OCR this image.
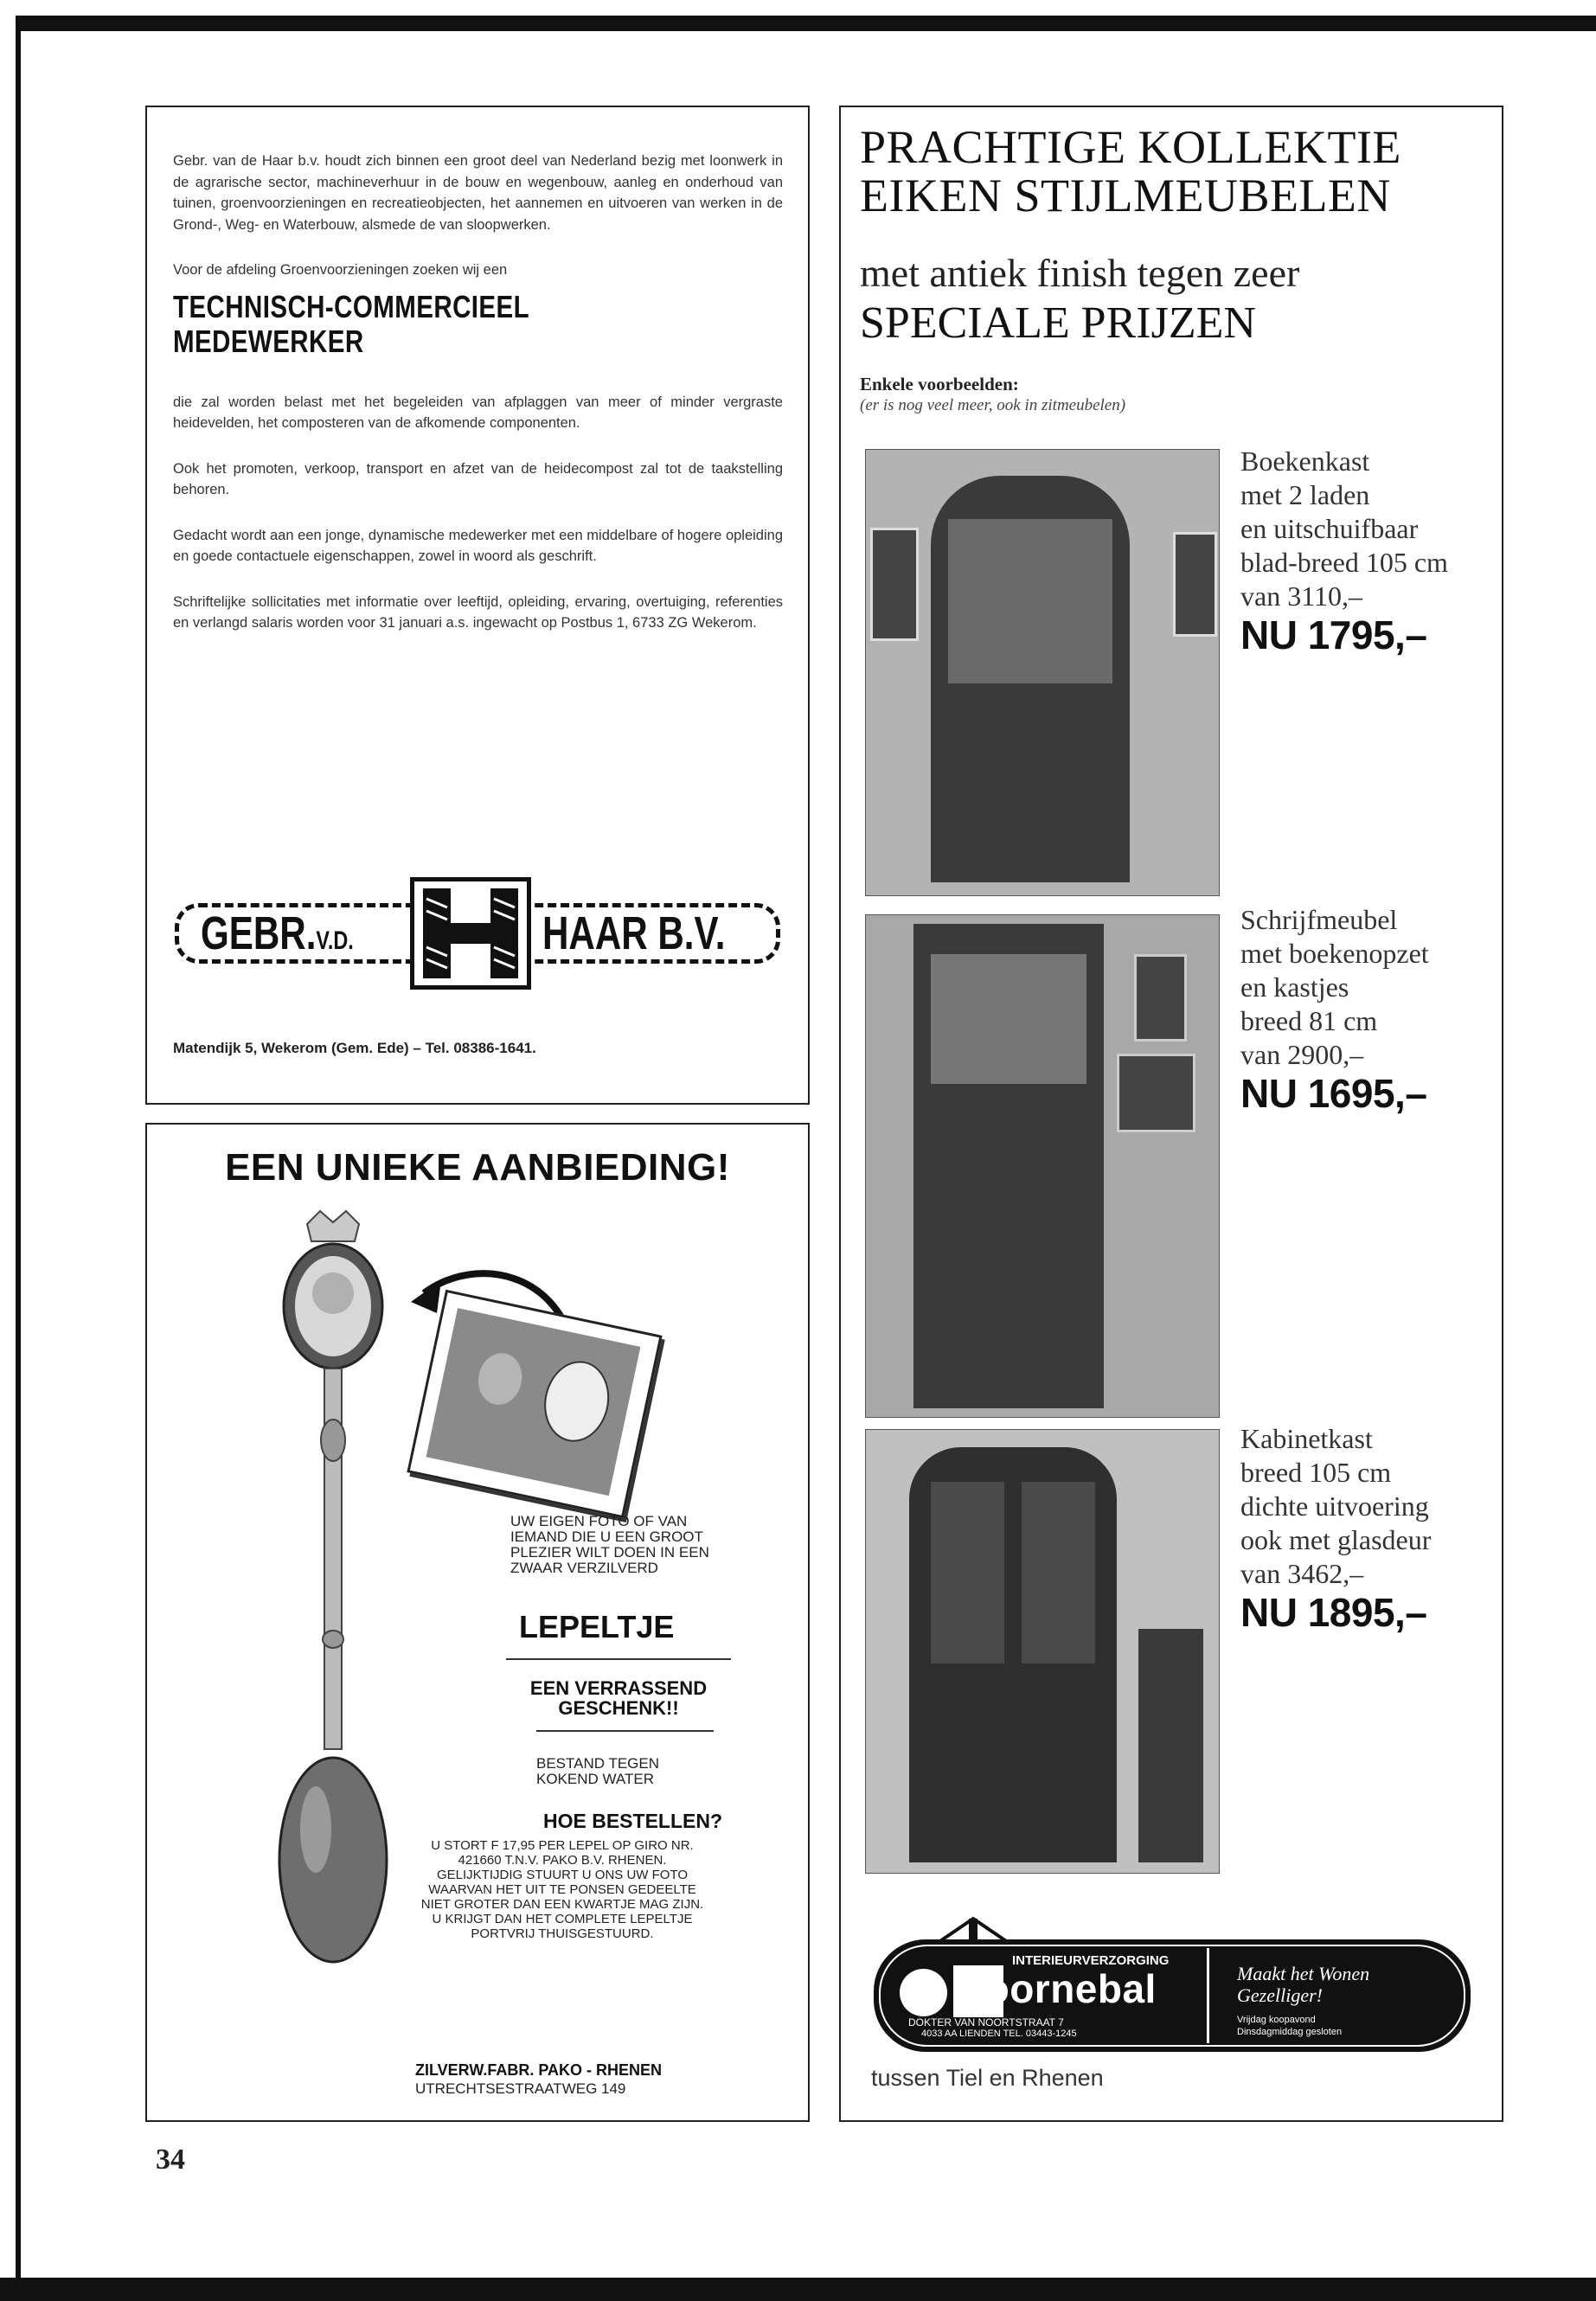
Gebr. van de Haar b.v. houdt zich binnen een groot deel van Nederland bezig met loonwerk in de agrarische sector, machineverhuur in de bouw en wegenbouw, aanleg en onderhoud van tuinen, groenvoorzieningen en recreatieobjecten, het aannemen en uitvoeren van werken in de Grond-, Weg- en Waterbouw, alsmede de van sloopwerken.

Voor de afdeling Groenvoorzieningen zoeken wij een

TECHNISCH-COMMERCIEEL
MEDEWERKER

die zal worden belast met het begeleiden van afplaggen van meer of minder vergraste heidevelden, het composteren van de afkomende componenten.

Ook het promoten, verkoop, transport en afzet van de heidecompost zal tot de taakstelling behoren.

Gedacht wordt aan een jonge, dynamische medewerker met een middelbare of hogere opleiding en goede contactuele eigenschappen, zowel in woord als geschrift.

Schriftelijke sollicitaties met informatie over leeftijd, opleiding, ervaring, overtuiging, referenties en verlangd salaris worden voor 31 januari a.s. ingewacht op Postbus 1, 6733 ZG Wekerom.

GEBR. V.D.	HAAR B.V.
Matendijk 5, Wekerom (Gem. Ede) – Tel. 08386-1641.
EEN UNIEKE AANBIEDING!
UW EIGEN FOTO OF VAN IEMAND DIE U EEN GROOT PLEZIER WILT DOEN IN EEN ZWAAR VERZILVERD
LEPELTJE
EEN VERRASSEND GESCHENK!!
BESTAND TEGEN KOKEND WATER
HOE BESTELLEN?
U STORT F 17,95 PER LEPEL OP GIRO NR. 421660 T.N.V. PAKO B.V. RHENEN. GELIJKTIJDIG STUURT U ONS UW FOTO WAARVAN HET UIT TE PONSEN GEDEELTE NIET GROTER DAN EEN KWARTJE MAG ZIJN. U KRIJGT DAN HET COMPLETE LEPELTJE PORTVRIJ THUISGESTUURD.
ZILVERW.FABR. PAKO - RHENEN
UTRECHTSESTRAATWEG 149
PRACHTIGE KOLLEKTIE
EIKEN STIJLMEUBELEN
met antiek finish tegen zeer
SPECIALE PRIJZEN
Enkele voorbeelden:
(er is nog veel meer, ook in zitmeubelen)
Boekenkast
met 2 laden
en uitschuifbaar
blad-breed 105 cm
van 3110,–
NU 1795,–
Schrijfmeubel
met boekenopzet
en kastjes
breed 81 cm
van 2900,–
NU 1695,–
Kabinetkast
breed 105 cm
dichte uitvoering
ook met glasdeur
van 3462,–
NU 1895,–
INTERIEURVERZORGING
doornebal
DOKTER VAN NOORTSTRAAT 7
4033 AA LIENDEN TEL. 03443-1245
Maakt het Wonen
Gezelliger!
Vrijdag koopavond
Dinsdagmiddag gesloten
tussen Tiel en Rhenen
34
